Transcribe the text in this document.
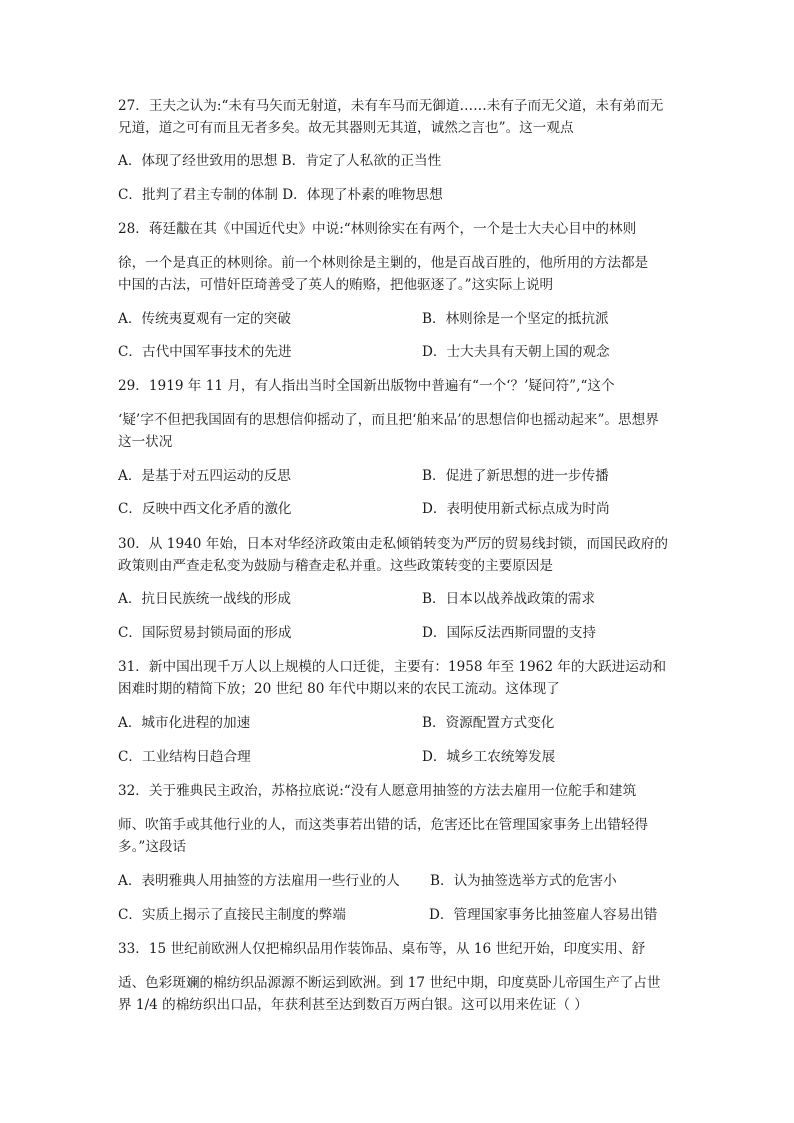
27．王夫之认为:“未有马矢而无射道，未有车马而无御道……未有子而无父道，未有弟而无
兄道，道之可有而且无者多矣。故无其器则无其道，诚然之言也”。这一观点
A．体现了经世致用的思想 B．肯定了人私欲的正当性
C．批判了君主专制的体制 D．体现了朴素的唯物思想
28．蒋廷黻在其《中国近代史》中说:“林则徐实在有两个，一个是士大夫心目中的林则
徐，一个是真正的林则徐。前一个林则徐是主剿的，他是百战百胜的，他所用的方法都是
中国的古法，可惜奸臣琦善受了英人的贿赂，把他驱逐了。”这实际上说明
A．传统夷夏观有一定的突破	B．林则徐是一个坚定的抵抗派
C．古代中国军事技术的先进	D．士大夫具有天朝上国的观念
29．1919 年 11 月，有人指出当时全国新出版物中普遍有“一个‘？’疑问符”,“这个
‘疑’字不但把我国固有的思想信仰摇动了，而且把‘舶来品’的思想信仰也摇动起来”。思想界
这一状况
A．是基于对五四运动的反思	B．促进了新思想的进一步传播
C．反映中西文化矛盾的激化	D．表明使用新式标点成为时尚
30．从 1940 年始，日本对华经济政策由走私倾销转变为严厉的贸易线封锁，而国民政府的
政策则由严查走私变为鼓励与稽查走私并重。这些政策转变的主要原因是
A．抗日民族统一战线的形成	B．日本以战养战政策的需求
C．国际贸易封锁局面的形成	D．国际反法西斯同盟的支持
31．新中国出现千万人以上规模的人口迁徙，主要有：1958 年至 1962 年的大跃进运动和
困难时期的精简下放；20 世纪 80 年代中期以来的农民工流动。这体现了
A．城市化进程的加速	B．资源配置方式变化
C．工业结构日趋合理	D．城乡工农统筹发展
32．关于雅典民主政治，苏格拉底说:“没有人愿意用抽签的方法去雇用一位舵手和建筑
师、吹笛手或其他行业的人，而这类事若出错的话，危害还比在管理国家事务上出错轻得
多。”这段话
A．表明雅典人用抽签的方法雇用一些行业的人 B．认为抽签选举方式的危害小
C．实质上揭示了直接民主制度的弊端	D．管理国家事务比抽签雇人容易出错
33．15 世纪前欧洲人仅把棉织品用作装饰品、桌布等，从 16 世纪开始，印度实用、舒
适、色彩斑斓的棉纺织品源源不断运到欧洲。到 17 世纪中期，印度莫卧儿帝国生产了占世
界 1/4 的棉纺织出口品，年获利甚至达到数百万两白银。这可以用来佐证（ ）
